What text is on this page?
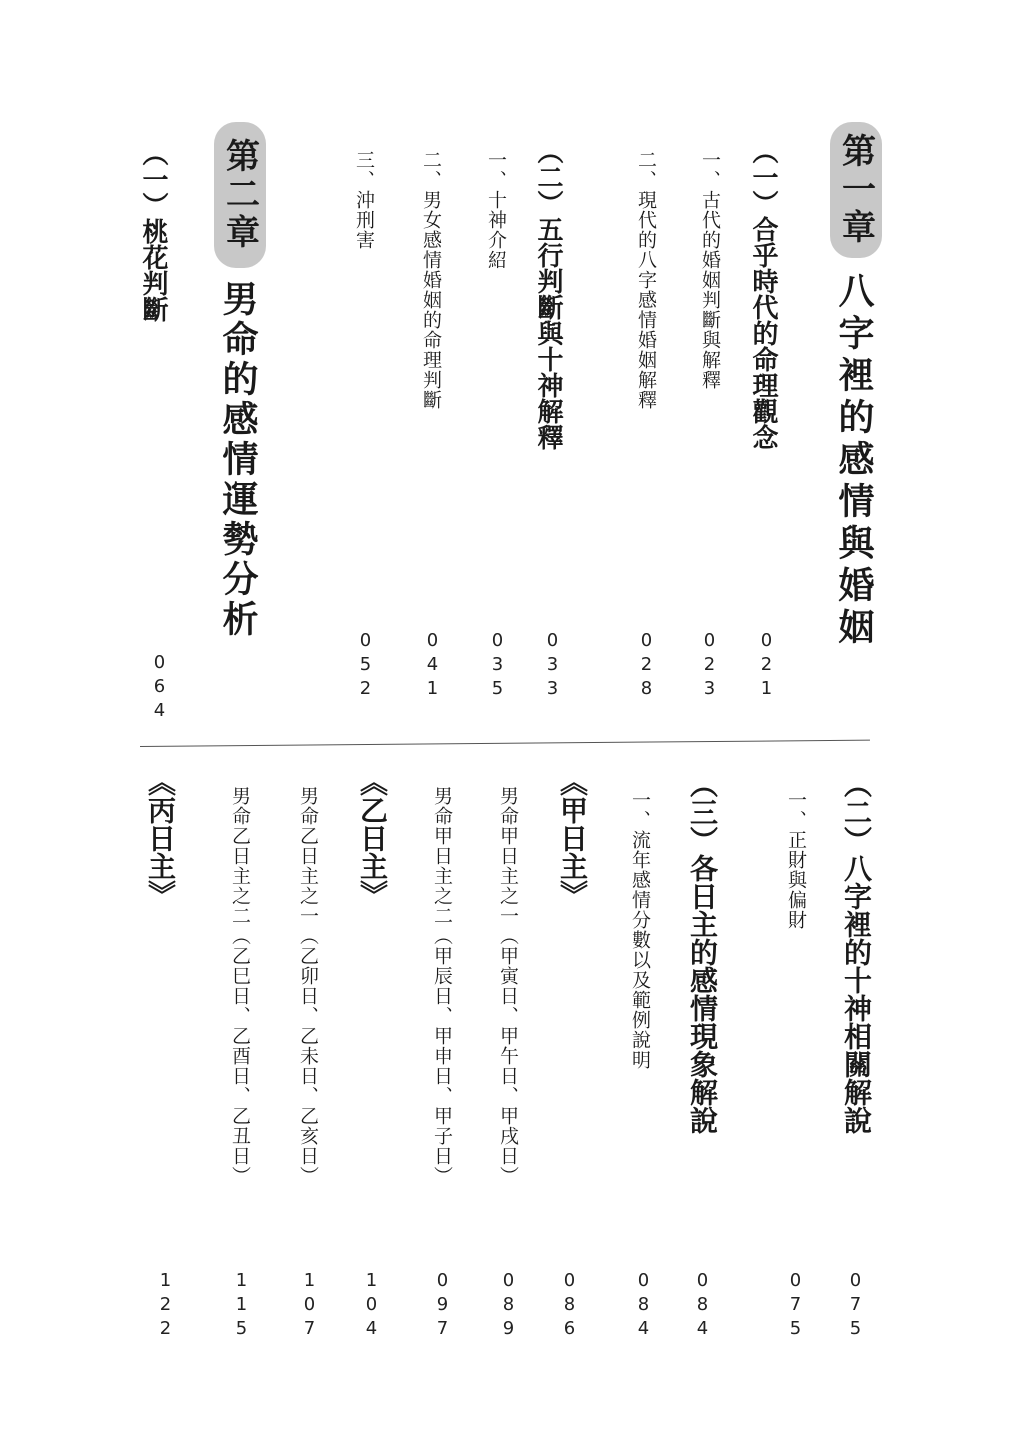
第一章
八字裡的感情與婚姻
（一）合乎時代的命理觀念
021
一、古代的婚姻判斷與解釋
023
二、現代的八字感情婚姻解釋
028
（二）五行判斷與十神解釋
033
一、十神介紹
035
二、男女感情婚姻的命理判斷
041
三、沖刑害
052
第二章
男命的感情運勢分析
（一）桃花判斷
064
（二）八字裡的十神相關解說
075
一、正財與偏財
075
（三）各日主的感情現象解說
084
一、流年感情分數以及範例說明
084
《甲日主》
086
男命甲日主之一（甲寅日、甲午日、甲戌日）
089
男命甲日主之二（甲辰日、甲申日、甲子日）
097
《乙日主》
104
男命乙日主之一（乙卯日、乙未日、乙亥日）
107
男命乙日主之二（乙巳日、乙酉日、乙丑日）
115
《丙日主》
122
